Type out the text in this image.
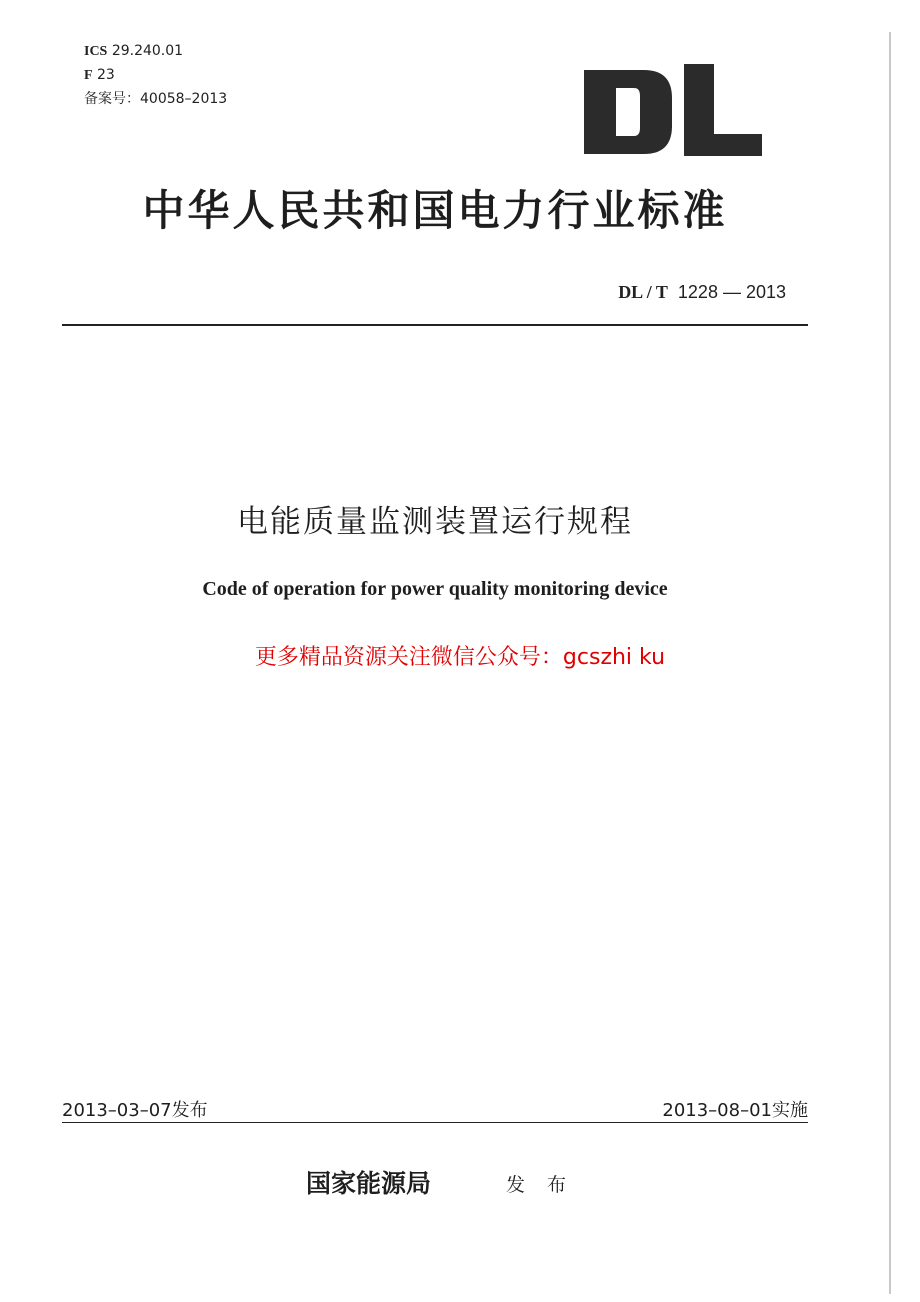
ICS 29.240.01
F 23
备案号：40058–2013
中华人民共和国电力行业标准
DL / T 1228 — 2013
电能质量监测装置运行规程
Code of operation for power quality monitoring device
更多精品资源关注微信公众号：gcszhi ku
2013–03–07发布	2013–08–01实施
国家能源局	发 布
